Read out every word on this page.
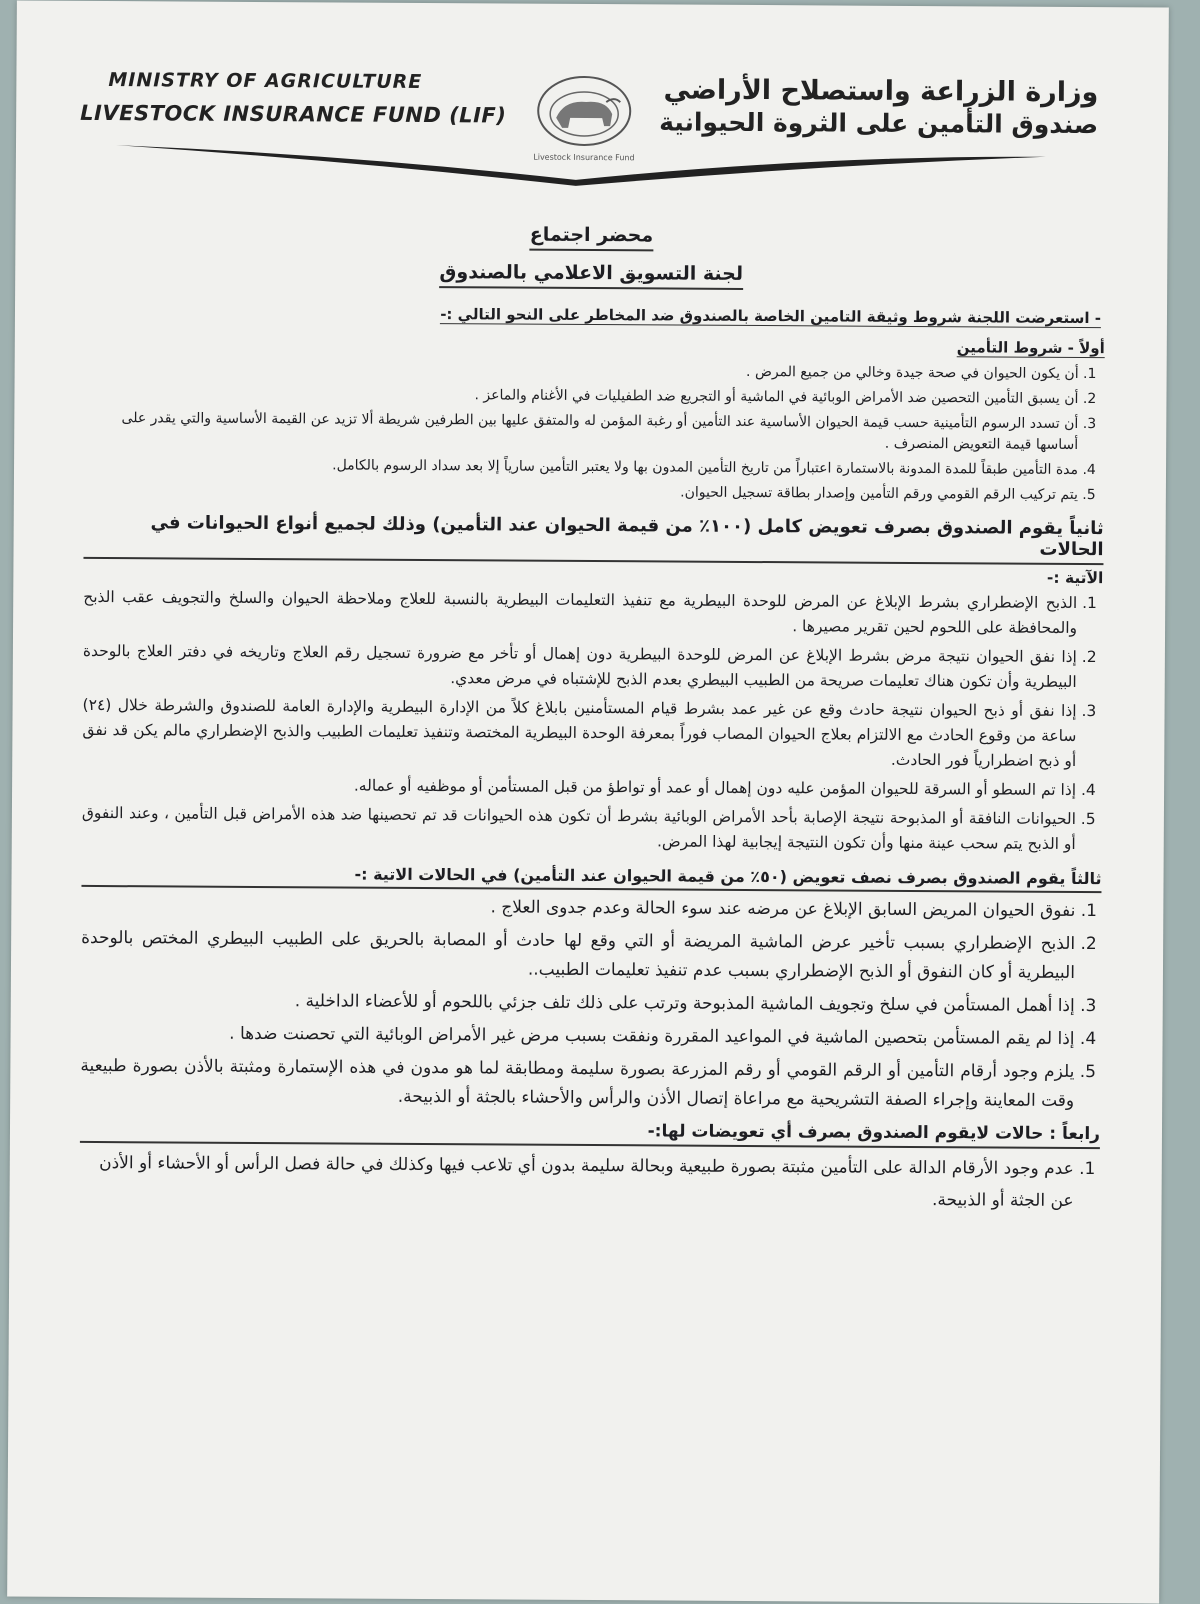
MINISTRY OF AGRICULTURE
LIVESTOCK INSURANCE FUND (LIF)
Livestock Insurance Fund
وزارة الزراعة واستصلاح الأراضي
صندوق التأمين على الثروة الحيوانية
محضر اجتماع
لجنة التسويق الاعلامي بالصندوق
- استعرضت اللجنة شروط وثيقة التامين الخاصة بالصندوق ضد المخاطر على النحو التالي :-
أولاً - شروط التأمين
1. أن يكون الحيوان في صحة جيدة وخالي من جميع المرض .
2. أن يسبق التأمين التحصين ضد الأمراض الوبائية في الماشية أو التجريع ضد الطفيليات في الأغنام والماعز .
3. أن تسدد الرسوم التأمينية حسب قيمة الحيوان الأساسية عند التأمين أو رغبة المؤمن له والمتفق عليها بين الطرفين شريطة ألا تزيد عن القيمة الأساسية والتي يقدر على أساسها قيمة التعويض المنصرف .
4. مدة التأمين طبقاً للمدة المدونة بالاستمارة اعتباراً من تاريخ التأمين المدون بها ولا يعتبر التأمين سارياً إلا بعد سداد الرسوم بالكامل.
5. يتم تركيب الرقم القومي ورقم التأمين وإصدار بطاقة تسجيل الحيوان.
ثانياً يقوم الصندوق بصرف تعويض كامل (١٠٠٪ من قيمة الحيوان عند التأمين) وذلك لجميع أنواع الحيوانات في الحالات
الآتية :-
1. الذبح الإضطراري بشرط الإبلاغ عن المرض للوحدة البيطرية مع تنفيذ التعليمات البيطرية بالنسبة للعلاج وملاحظة الحيوان والسلخ والتجويف عقب الذبح والمحافظة على اللحوم لحين تقرير مصيرها .
2. إذا نفق الحيوان نتيجة مرض بشرط الإبلاغ عن المرض للوحدة البيطرية دون إهمال أو تأخر مع ضرورة تسجيل رقم العلاج وتاريخه في دفتر العلاج بالوحدة البيطرية وأن تكون هناك تعليمات صريحة من الطبيب البيطري بعدم الذبح للإشتباه في مرض معدي.
3. إذا نفق أو ذبح الحيوان نتيجة حادث وقع عن غير عمد بشرط قيام المستأمنين بابلاغ كلاً من الإدارة البيطرية والإدارة العامة للصندوق والشرطة خلال (٢٤) ساعة من وقوع الحادث مع الالتزام بعلاج الحيوان المصاب فوراً بمعرفة الوحدة البيطرية المختصة وتنفيذ تعليمات الطبيب والذبح الإضطراري مالم يكن قد نفق أو ذبح اضطرارياً فور الحادث.
4. إذا تم السطو أو السرقة للحيوان المؤمن عليه دون إهمال أو عمد أو تواطؤ من قبل المستأمن أو موظفيه أو عماله.
5. الحيوانات النافقة أو المذبوحة نتيجة الإصابة بأحد الأمراض الوبائية بشرط أن تكون هذه الحيوانات قد تم تحصينها ضد هذه الأمراض قبل التأمين ، وعند النفوق أو الذبح يتم سحب عينة منها وأن تكون النتيجة إيجابية لهذا المرض.
ثالثاً يقوم الصندوق بصرف نصف تعويض (٥٠٪ من قيمة الحيوان عند التأمين) في الحالات الاتية :-
1. نفوق الحيوان المريض السابق الإبلاغ عن مرضه عند سوء الحالة وعدم جدوى العلاج .
2. الذبح الإضطراري بسبب تأخير عرض الماشية المريضة أو التي وقع لها حادث أو المصابة بالحريق على الطبيب البيطري المختص بالوحدة البيطرية أو كان النفوق أو الذبح الإضطراري بسبب عدم تنفيذ تعليمات الطبيب..
3. إذا أهمل المستأمن في سلخ وتجويف الماشية المذبوحة وترتب على ذلك تلف جزئي باللحوم أو للأعضاء الداخلية .
4. إذا لم يقم المستأمن بتحصين الماشية في المواعيد المقررة ونفقت بسبب مرض غير الأمراض الوبائية التي تحصنت ضدها .
5. يلزم وجود أرقام التأمين أو الرقم القومي أو رقم المزرعة بصورة سليمة ومطابقة لما هو مدون في هذه الإستمارة ومثبتة بالأذن بصورة طبيعية وقت المعاينة وإجراء الصفة التشريحية مع مراعاة إتصال الأذن والرأس والأحشاء بالجثة أو الذبيحة.
رابعاً : حالات لايقوم الصندوق بصرف أي تعويضات لها:-
1. عدم وجود الأرقام الدالة على التأمين مثبتة بصورة طبيعية وبحالة سليمة بدون أي تلاعب فيها وكذلك في حالة فصل الرأس أو الأحشاء أو الأذن عن الجثة أو الذبيحة.
